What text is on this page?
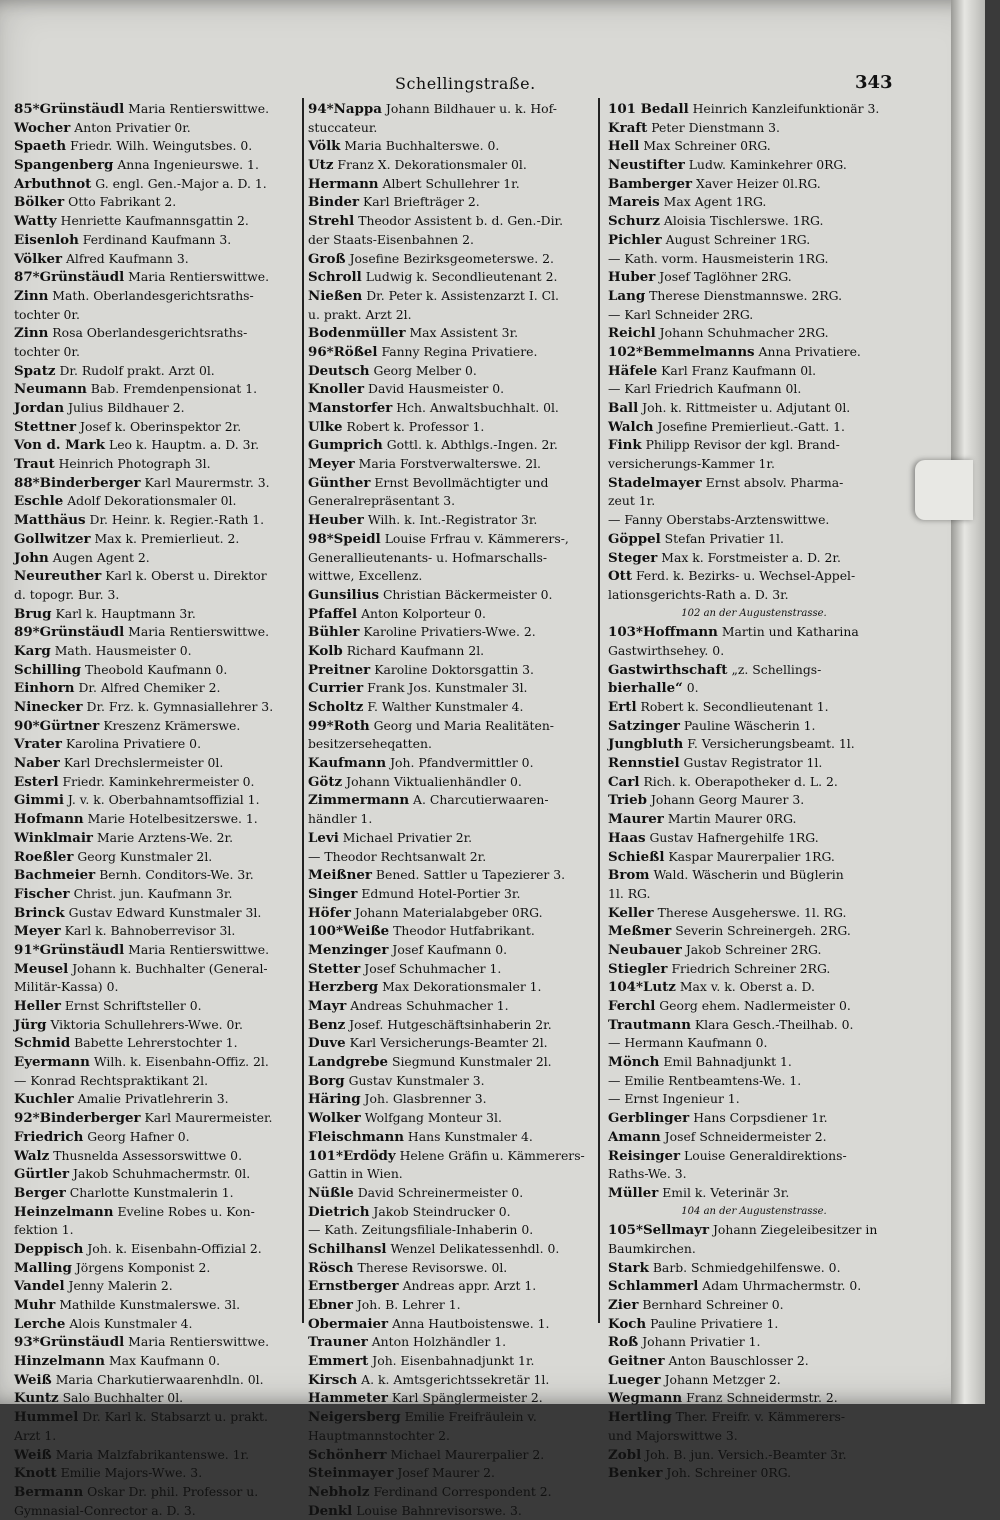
Schellingstraße.	343
85*Grünstäudl Maria Rentierswittwe.
Wocher Anton Privatier 0r.
Spaeth Friedr. Wilh. Weingutsbes. 0.
Spangenberg Anna Ingenieurswe. 1.
Arbuthnot G. engl. Gen.-Major a. D. 1.
Bölker Otto Fabrikant 2.
Watty Henriette Kaufmannsgattin 2.
Eisenloh Ferdinand Kaufmann 3.
Völker Alfred Kaufmann 3.
87*Grünstäudl Maria Rentierswittwe.
Zinn Math. Oberlandesgerichtsraths-
tochter 0r.
Zinn Rosa Oberlandesgerichtsraths-
tochter 0r.
Spatz Dr. Rudolf prakt. Arzt 0l.
Neumann Bab. Fremdenpensionat 1.
Jordan Julius Bildhauer 2.
Stettner Josef k. Oberinspektor 2r.
Von d. Mark Leo k. Hauptm. a. D. 3r.
Traut Heinrich Photograph 3l.
88*Binderberger Karl Maurermstr. 3.
Eschle Adolf Dekorationsmaler 0l.
Matthäus Dr. Heinr. k. Regier.-Rath 1.
Gollwitzer Max k. Premierlieut. 2.
John Augen Agent 2.
Neureuther Karl k. Oberst u. Direktor
d. topogr. Bur. 3.
Brug Karl k. Hauptmann 3r.
89*Grünstäudl Maria Rentierswittwe.
Karg Math. Hausmeister 0.
Schilling Theobold Kaufmann 0.
Einhorn Dr. Alfred Chemiker 2.
Ninecker Dr. Frz. k. Gymnasiallehrer 3.
90*Gürtner Kreszenz Krämerswe.
Vrater Karolina Privatiere 0.
Naber Karl Drechslermeister 0l.
Esterl Friedr. Kaminkehrermeister 0.
Gimmi J. v. k. Oberbahnamtsoffizial 1.
Hofmann Marie Hotelbesitzerswe. 1.
Winklmair Marie Arztens-We. 2r.
Roeßler Georg Kunstmaler 2l.
Bachmeier Bernh. Conditors-We. 3r.
Fischer Christ. jun. Kaufmann 3r.
Brinck Gustav Edward Kunstmaler 3l.
Meyer Karl k. Bahnoberrevisor 3l.
91*Grünstäudl Maria Rentierswittwe.
Meusel Johann k. Buchhalter (General-
Militär-Kassa) 0.
Heller Ernst Schriftsteller 0.
Jürg Viktoria Schullehrers-Wwe. 0r.
Schmid Babette Lehrerstochter 1.
Eyermann Wilh. k. Eisenbahn-Offiz. 2l.
— Konrad Rechtspraktikant 2l.
Kuchler Amalie Privatlehrerin 3.
92*Binderberger Karl Maurermeister.
Friedrich Georg Hafner 0.
Walz Thusnelda Assessorswittwe 0.
Gürtler Jakob Schuhmachermstr. 0l.
Berger Charlotte Kunstmalerin 1.
Heinzelmann Eveline Robes u. Kon-
fektion 1.
Deppisch Joh. k. Eisenbahn-Offizial 2.
Malling Jörgens Komponist 2.
Vandel Jenny Malerin 2.
Muhr Mathilde Kunstmalerswe. 3l.
Lerche Alois Kunstmaler 4.
93*Grünstäudl Maria Rentierswittwe.
Hinzelmann Max Kaufmann 0.
Weiß Maria Charkutierwaarenhdln. 0l.
Kuntz Salo Buchhalter 0l.
Hummel Dr. Karl k. Stabsarzt u. prakt.
Arzt 1.
Weiß Maria Malzfabrikantenswe. 1r.
Knott Emilie Majors-Wwe. 3.
Bermann Oskar Dr. phil. Professor u.
Gymnasial-Conrector a. D. 3.
94*Nappa Johann Bildhauer u. k. Hof-
stuccateur.
Völk Maria Buchhalterswe. 0.
Utz Franz X. Dekorationsmaler 0l.
Hermann Albert Schullehrer 1r.
Binder Karl Briefträger 2.
Strehl Theodor Assistent b. d. Gen.-Dir.
der Staats-Eisenbahnen 2.
Groß Josefine Bezirksgeometerswe. 2.
Schroll Ludwig k. Secondlieutenant 2.
Nießen Dr. Peter k. Assistenzarzt I. Cl.
u. prakt. Arzt 2l.
Bodenmüller Max Assistent 3r.
96*Rößel Fanny Regina Privatiere.
Deutsch Georg Melber 0.
Knoller David Hausmeister 0.
Manstorfer Hch. Anwaltsbuchhalt. 0l.
Ulke Robert k. Professor 1.
Gumprich Gottl. k. Abthlgs.-Ingen. 2r.
Meyer Maria Forstverwalterswe. 2l.
Günther Ernst Bevollmächtigter und
Generalrepräsentant 3.
Heuber Wilh. k. Int.-Registrator 3r.
98*Speidl Louise Frfrau v. Kämmerers-,
Generallieutenants- u. Hofmarschalls-
wittwe, Excellenz.
Gunsilius Christian Bäckermeister 0.
Pfaffel Anton Kolporteur 0.
Bühler Karoline Privatiers-Wwe. 2.
Kolb Richard Kaufmann 2l.
Preitner Karoline Doktorsgattin 3.
Currier Frank Jos. Kunstmaler 3l.
Scholtz F. Walther Kunstmaler 4.
99*Roth Georg und Maria Realitäten-
besitzerseheqatten.
Kaufmann Joh. Pfandvermittler 0.
Götz Johann Viktualienhändler 0.
Zimmermann A. Charcutierwaaren-
händler 1.
Levi Michael Privatier 2r.
— Theodor Rechtsanwalt 2r.
Meißner Bened. Sattler u Tapezierer 3.
Singer Edmund Hotel-Portier 3r.
Höfer Johann Materialabgeber 0RG.
100*Weiße Theodor Hutfabrikant.
Menzinger Josef Kaufmann 0.
Stetter Josef Schuhmacher 1.
Herzberg Max Dekorationsmaler 1.
Mayr Andreas Schuhmacher 1.
Benz Josef. Hutgeschäftsinhaberin 2r.
Duve Karl Versicherungs-Beamter 2l.
Landgrebe Siegmund Kunstmaler 2l.
Borg Gustav Kunstmaler 3.
Häring Joh. Glasbrenner 3.
Wolker Wolfgang Monteur 3l.
Fleischmann Hans Kunstmaler 4.
101*Erdödy Helene Gräfin u. Kämmerers-
Gattin in Wien.
Nüßle David Schreinermeister 0.
Dietrich Jakob Steindrucker 0.
— Kath. Zeitungsfiliale-Inhaberin 0.
Schilhansl Wenzel Delikatessenhdl. 0.
Rösch Therese Revisorswe. 0l.
Ernstberger Andreas appr. Arzt 1.
Ebner Joh. B. Lehrer 1.
Obermaier Anna Hautboistenswe. 1.
Trauner Anton Holzhändler 1.
Emmert Joh. Eisenbahnadjunkt 1r.
Kirsch A. k. Amtsgerichtssekretär 1l.
Hammeter Karl Spänglermeister 2.
Neigersberg Emilie Freifräulein v.
Hauptmannstochter 2.
Schönherr Michael Maurerpalier 2.
Steinmayer Josef Maurer 2.
Nebholz Ferdinand Correspondent 2.
Denkl Louise Bahnrevisorswe. 3.
101 Bedall Heinrich Kanzleifunktionär 3.
Kraft Peter Dienstmann 3.
Hell Max Schreiner 0RG.
Neustifter Ludw. Kaminkehrer 0RG.
Bamberger Xaver Heizer 0l.RG.
Mareis Max Agent 1RG.
Schurz Aloisia Tischlerswe. 1RG.
Pichler August Schreiner 1RG.
— Kath. vorm. Hausmeisterin 1RG.
Huber Josef Taglöhner 2RG.
Lang Therese Dienstmannswe. 2RG.
— Karl Schneider 2RG.
Reichl Johann Schuhmacher 2RG.
102*Bemmelmanns Anna Privatiere.
Häfele Karl Franz Kaufmann 0l.
— Karl Friedrich Kaufmann 0l.
Ball Joh. k. Rittmeister u. Adjutant 0l.
Walch Josefine Premierlieut.-Gatt. 1.
Fink Philipp Revisor der kgl. Brand-
versicherungs-Kammer 1r.
Stadelmayer Ernst absolv. Pharma-
zeut 1r.
— Fanny Oberstabs-Arztenswittwe.
Göppel Stefan Privatier 1l.
Steger Max k. Forstmeister a. D. 2r.
Ott Ferd. k. Bezirks- u. Wechsel-Appel-
lationsgerichts-Rath a. D. 3r.
102 an der Augustenstrasse.
103*Hoffmann Martin und Katharina
Gastwirthsehey. 0.
Gastwirthschaft „z. Schellings-
bierhalle“ 0.
Ertl Robert k. Secondlieutenant 1.
Satzinger Pauline Wäscherin 1.
Jungbluth F. Versicherungsbeamt. 1l.
Rennstiel Gustav Registrator 1l.
Carl Rich. k. Oberapotheker d. L. 2.
Trieb Johann Georg Maurer 3.
Maurer Martin Maurer 0RG.
Haas Gustav Hafnergehilfe 1RG.
Schießl Kaspar Maurerpalier 1RG.
Brom Wald. Wäscherin und Büglerin
1l. RG.
Keller Therese Ausgeherswe. 1l. RG.
Meßmer Severin Schreinergeh. 2RG.
Neubauer Jakob Schreiner 2RG.
Stiegler Friedrich Schreiner 2RG.
104*Lutz Max v. k. Oberst a. D.
Ferchl Georg ehem. Nadlermeister 0.
Trautmann Klara Gesch.-Theilhab. 0.
— Hermann Kaufmann 0.
Mönch Emil Bahnadjunkt 1.
— Emilie Rentbeamtens-We. 1.
— Ernst Ingenieur 1.
Gerblinger Hans Corpsdiener 1r.
Amann Josef Schneidermeister 2.
Reisinger Louise Generaldirektions-
Raths-We. 3.
Müller Emil k. Veterinär 3r.
104 an der Augustenstrasse.
105*Sellmayr Johann Ziegeleibesitzer in
Baumkirchen.
Stark Barb. Schmiedgehilfenswe. 0.
Schlammerl Adam Uhrmachermstr. 0.
Zier Bernhard Schreiner 0.
Koch Pauline Privatiere 1.
Roß Johann Privatier 1.
Geitner Anton Bauschlosser 2.
Lueger Johann Metzger 2.
Wegmann Franz Schneidermstr. 2.
Hertling Ther. Freifr. v. Kämmerers-
und Majorswittwe 3.
Zobl Joh. B. jun. Versich.-Beamter 3r.
Benker Joh. Schreiner 0RG.
